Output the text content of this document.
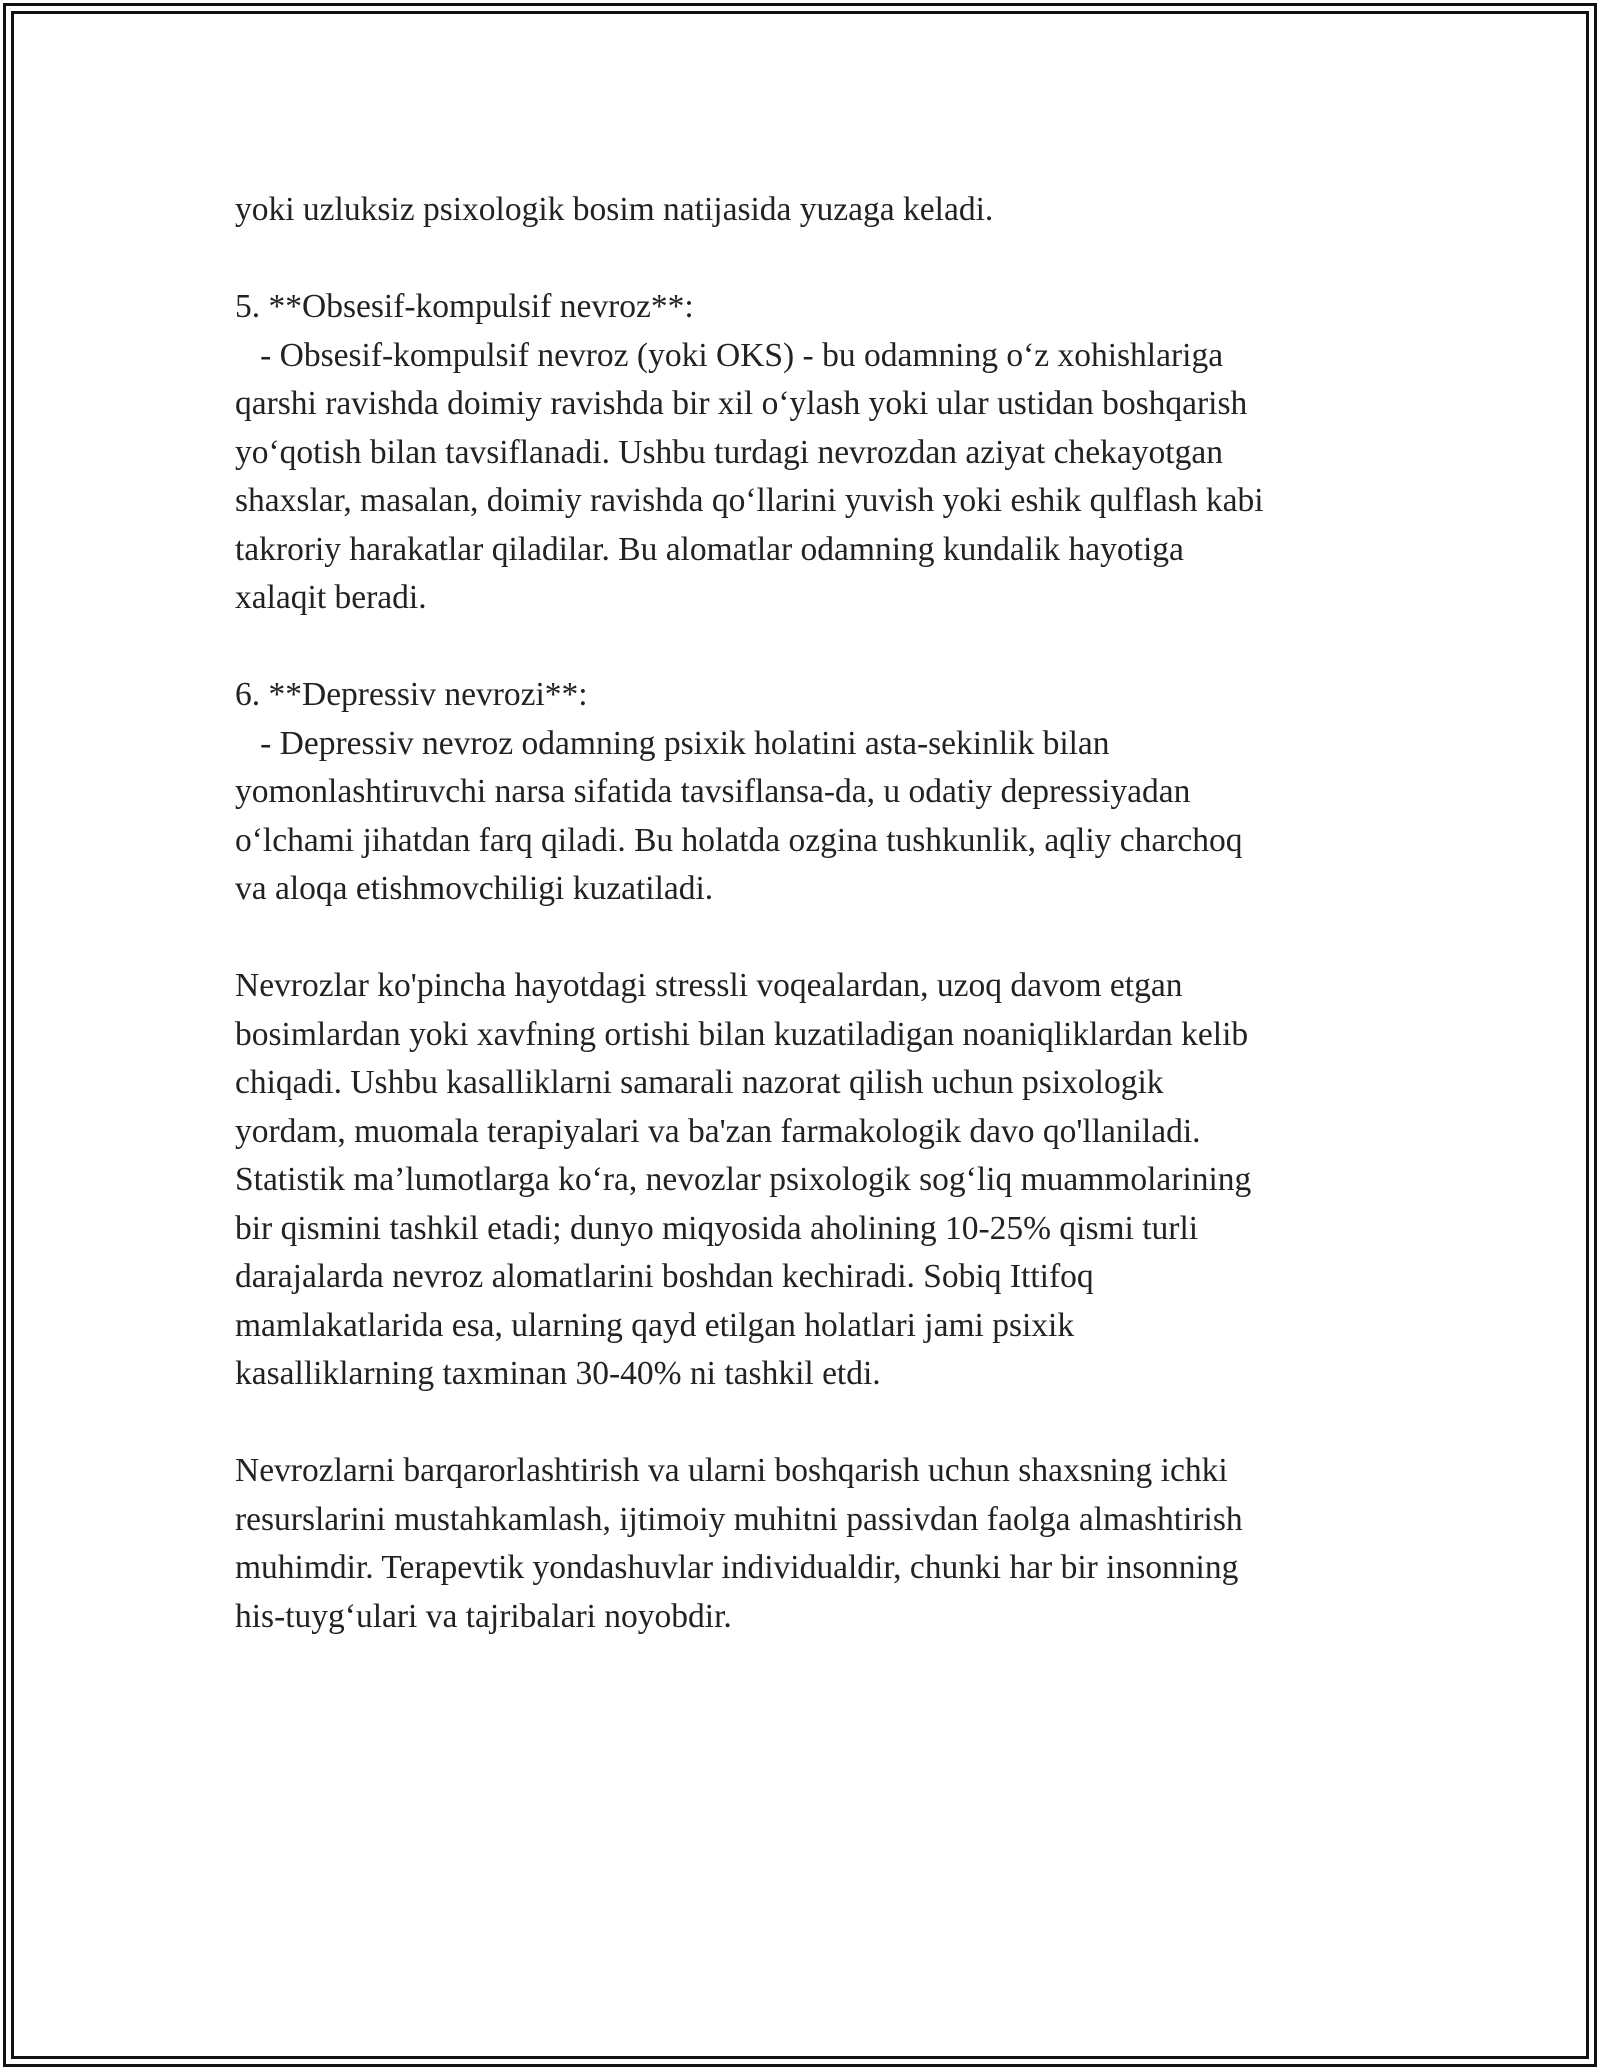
yoki uzluksiz psixologik bosim natijasida yuzaga keladi.
5. **Obsesif-kompulsif nevroz**:
- Obsesif-kompulsif nevroz (yoki OKS) - bu odamning o‘z xohishlariga
qarshi ravishda doimiy ravishda bir xil o‘ylash yoki ular ustidan boshqarish
yo‘qotish bilan tavsiflanadi. Ushbu turdagi nevrozdan aziyat chekayotgan
shaxslar, masalan, doimiy ravishda qo‘llarini yuvish yoki eshik qulflash kabi
takroriy harakatlar qiladilar. Bu alomatlar odamning kundalik hayotiga
xalaqit beradi.
6. **Depressiv nevrozi**:
- Depressiv nevroz odamning psixik holatini asta-sekinlik bilan
yomonlashtiruvchi narsa sifatida tavsiflansa-da, u odatiy depressiyadan
o‘lchami jihatdan farq qiladi. Bu holatda ozgina tushkunlik, aqliy charchoq
va aloqa etishmovchiligi kuzatiladi.
Nevrozlar ko'pincha hayotdagi stressli voqealardan, uzoq davom etgan
bosimlardan yoki xavfning ortishi bilan kuzatiladigan noaniqliklardan kelib
chiqadi. Ushbu kasalliklarni samarali nazorat qilish uchun psixologik
yordam, muomala terapiyalari va ba'zan farmakologik davo qo'llaniladi.
Statistik ma’lumotlarga ko‘ra, nevozlar psixologik sog‘liq muammolarining
bir qismini tashkil etadi; dunyo miqyosida aholining 10-25% qismi turli
darajalarda nevroz alomatlarini boshdan kechiradi. Sobiq Ittifoq
mamlakatlarida esa, ularning qayd etilgan holatlari jami psixik
kasalliklarning taxminan 30-40% ni tashkil etdi.
Nevrozlarni barqarorlashtirish va ularni boshqarish uchun shaxsning ichki
resurslarini mustahkamlash, ijtimoiy muhitni passivdan faolga almashtirish
muhimdir. Terapevtik yondashuvlar individualdir, chunki har bir insonning
his-tuyg‘ulari va tajribalari noyobdir.
